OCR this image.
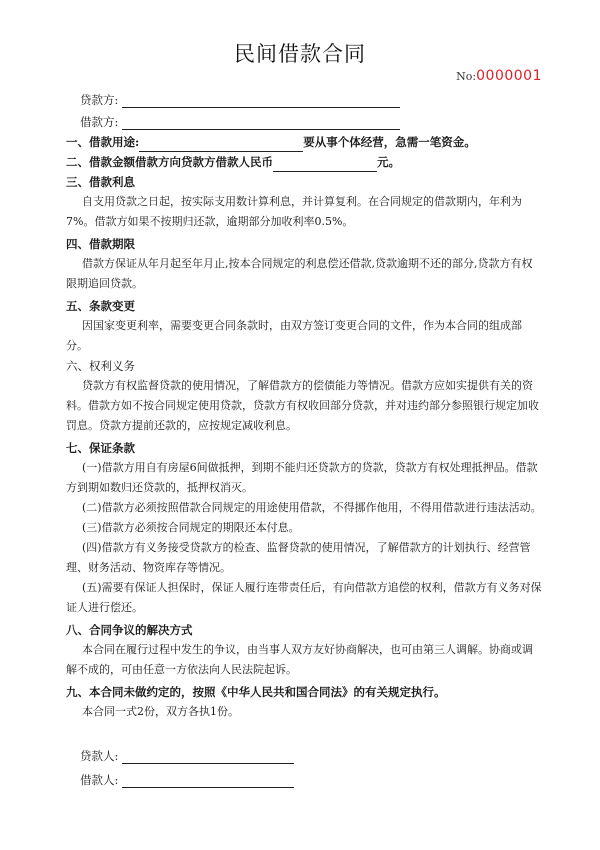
民间借款合同
No:0000001
贷款方:
借款方:

一、借款用途:	要从事个体经营，急需一笔资金。

二、借款金额借款方向贷款方借款人民币	元。

三、借款利息

自支用贷款之日起，按实际支用数计算利息，并计算复利。在合同规定的借款期内，年利为7%。借款方如果不按期归还款，逾期部分加收利率0.5%。

四、借款期限

借款方保证从年月起至年月止,按本合同规定的利息偿还借款,贷款逾期不还的部分,贷款方有权限期追回贷款。

五、条款变更

因国家变更利率，需要变更合同条款时，由双方签订变更合同的文件，作为本合同的组成部分。

六、权利义务

贷款方有权监督贷款的使用情况，了解借款方的偿债能力等情况。借款方应如实提供有关的资料。借款方如不按合同规定使用贷款，贷款方有权收回部分贷款，并对违约部分参照银行规定加收罚息。贷款方提前还款的，应按规定减收利息。

七、保证条款

(一)借款方用自有房屋6间做抵押，到期不能归还贷款方的贷款，贷款方有权处理抵押品。借款方到期如数归还贷款的，抵押权消灭。

(二)借款方必须按照借款合同规定的用途使用借款，不得挪作他用，不得用借款进行违法活动。

(三)借款方必须按合同规定的期限还本付息。

(四)借款方有义务接受贷款方的检查、监督贷款的使用情况，了解借款方的计划执行、经营管理、财务活动、物资库存等情况。

(五)需要有保证人担保时，保证人履行连带责任后，有向借款方追偿的权利，借款方有义务对保证人进行偿还。

八、合同争议的解决方式

本合同在履行过程中发生的争议，由当事人双方友好协商解决，也可由第三人调解。协商或调解不成的，可由任意一方依法向人民法院起诉。

九、本合同未做约定的，按照《中华人民共和国合同法》的有关规定执行。

本合同一式2份，双方各执1份。

贷款人:
借款人:
